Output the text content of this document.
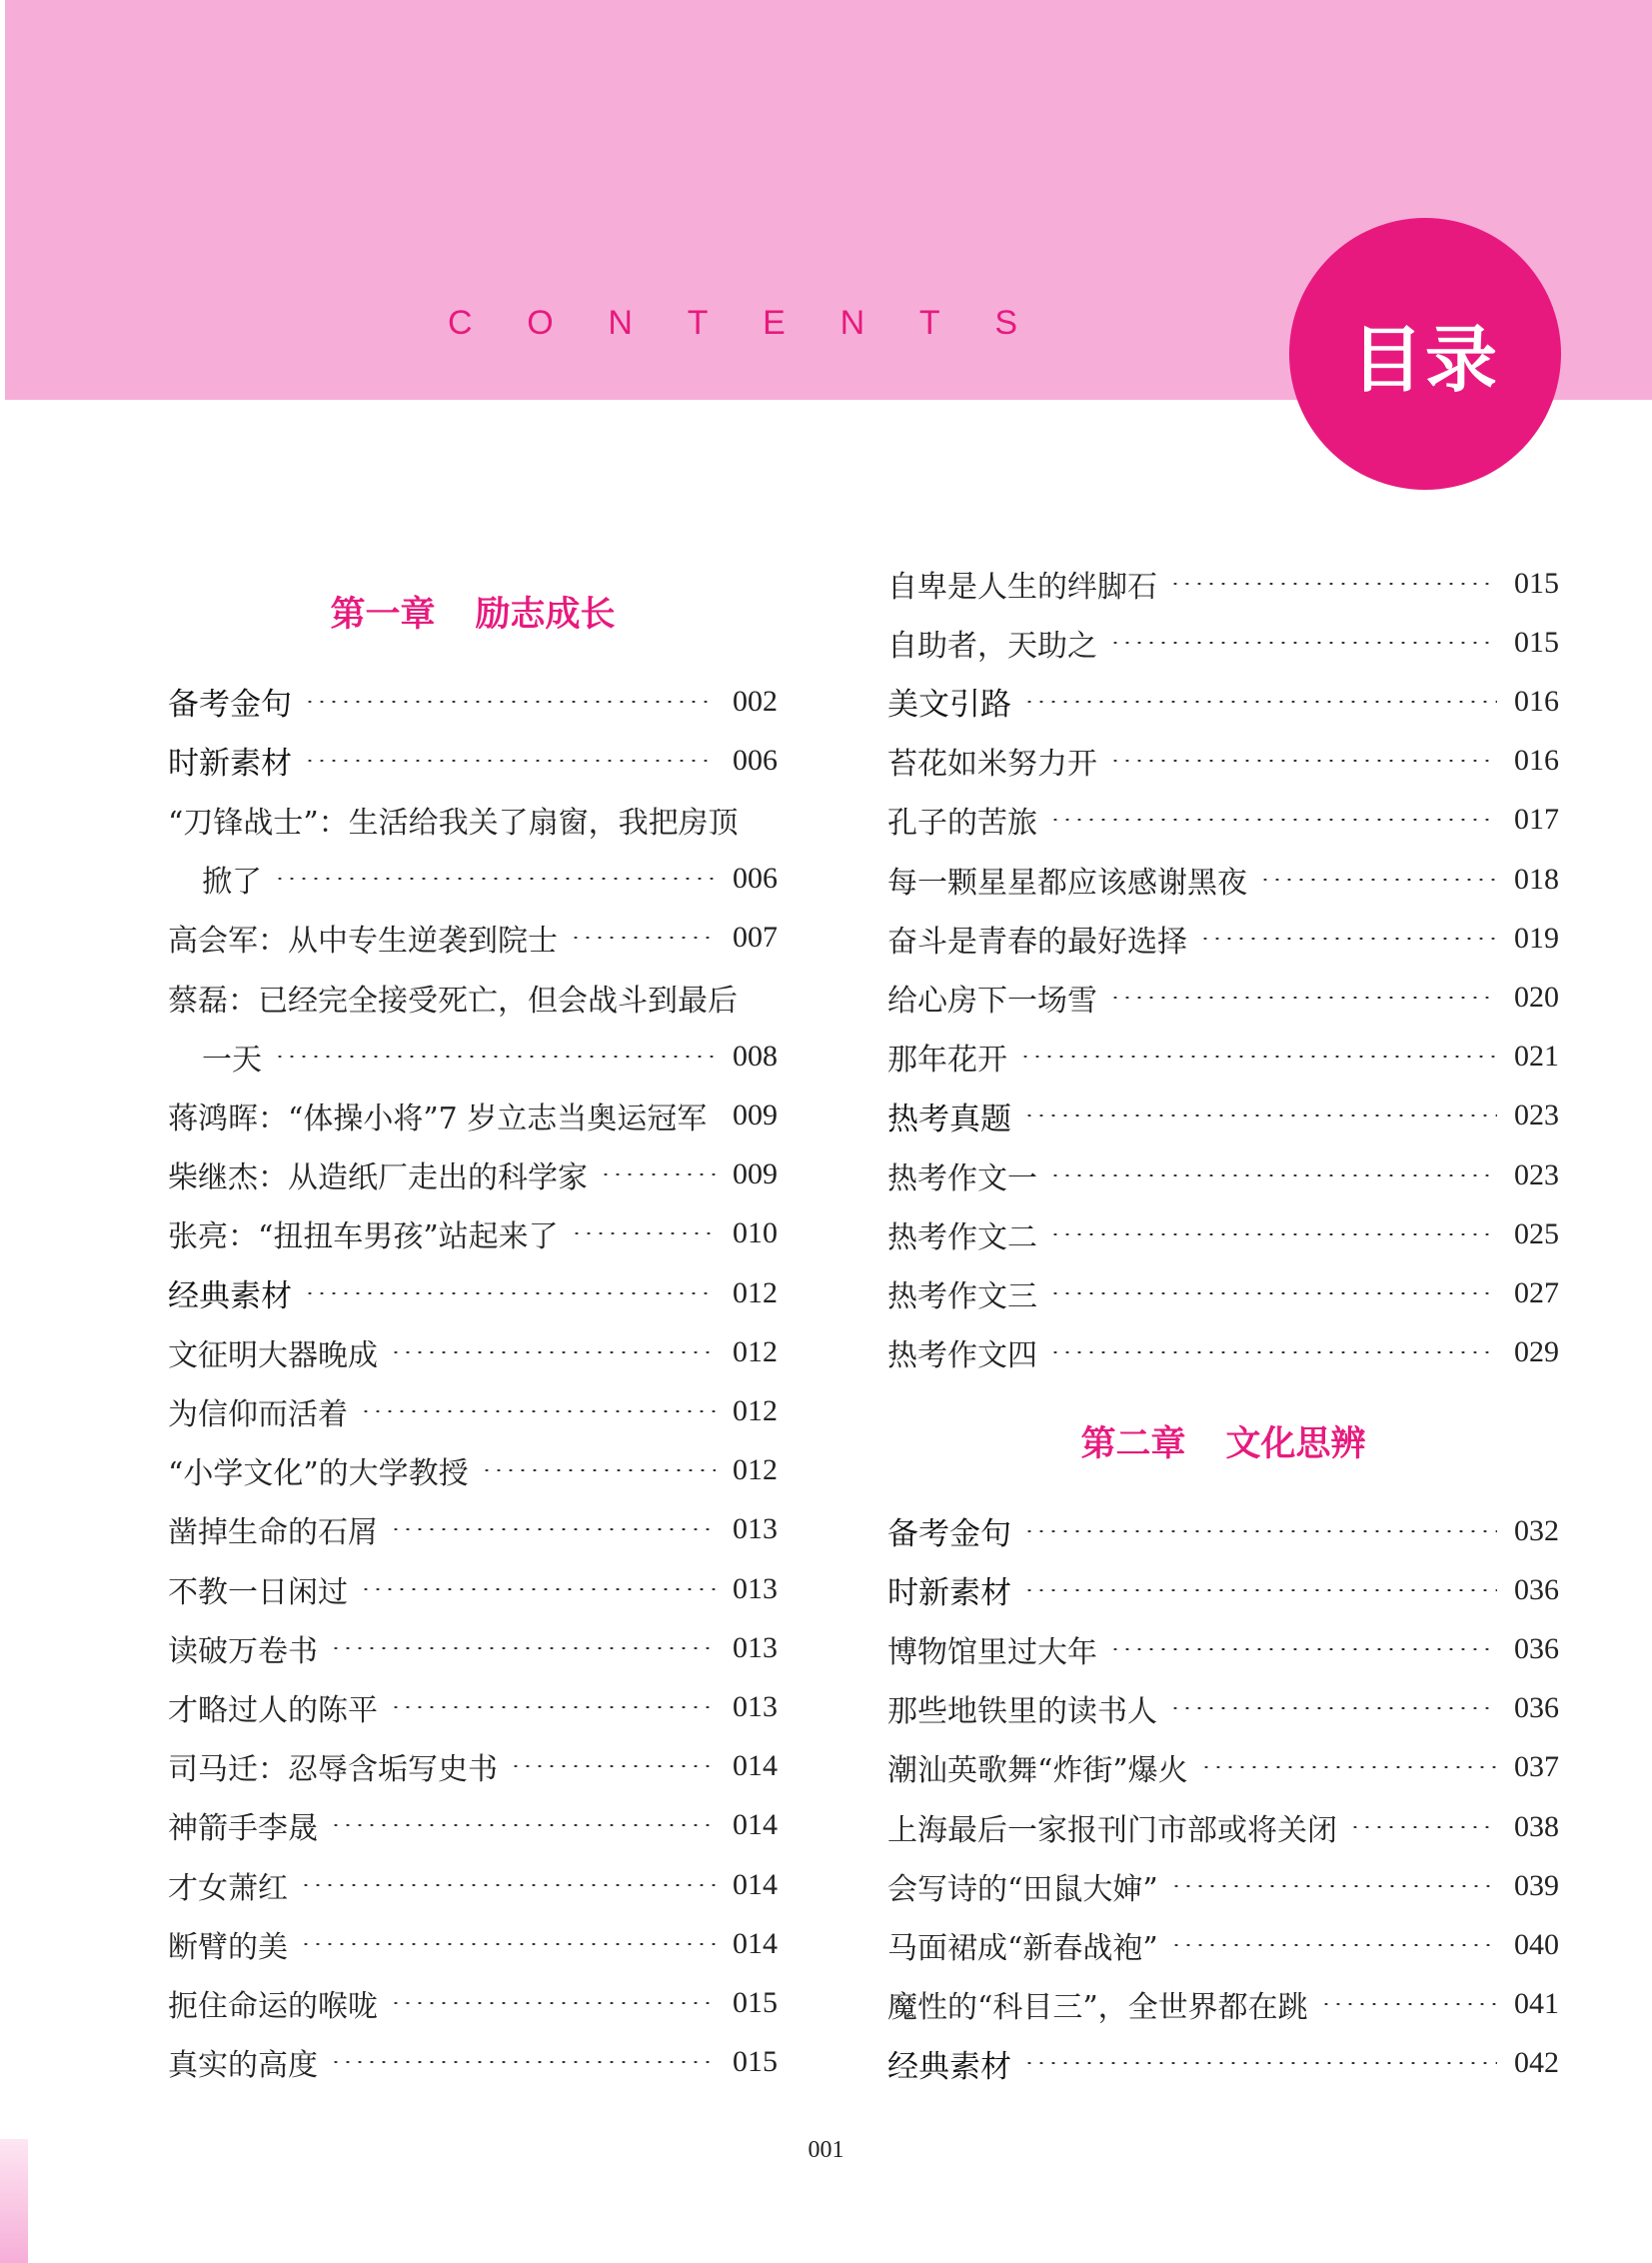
C O N T E N T S	目录
第一章 励志成长
备考金句	002
时新素材	006
“刀锋战士”：生活给我关了扇窗，我把房顶
掀了	006
高会军：从中专生逆袭到院士	007
蔡磊：已经完全接受死亡，但会战斗到最后
一天	008
蒋鸿晖：“体操小将”7 岁立志当奥运冠军 009
柴继杰：从造纸厂走出的科学家	009
张亮：“扭扭车男孩”站起来了	010
经典素材	012
文征明大器晚成	012
为信仰而活着	012
“小学文化”的大学教授	012
凿掉生命的石屑	013
不教一日闲过	013
读破万卷书	013
才略过人的陈平	013
司马迁：忍辱含垢写史书	014
神箭手李晟	014
才女萧红	014
断臂的美	014
扼住命运的喉咙	015
真实的高度	015
自卑是人生的绊脚石	015
自助者，天助之	015
美文引路	016
苔花如米努力开	016
孔子的苦旅	017
每一颗星星都应该感谢黑夜	018
奋斗是青春的最好选择	019
给心房下一场雪	020
那年花开	021
热考真题	023
热考作文一	023
热考作文二	025
热考作文三	027
热考作文四	029
第二章 文化思辨
备考金句	032
时新素材	036
博物馆里过大年	036
那些地铁里的读书人	036
潮汕英歌舞“炸街”爆火	037
上海最后一家报刊门市部或将关闭	038
会写诗的“田鼠大婶”	039
马面裙成“新春战袍”	040
魔性的“科目三”，全世界都在跳	041
经典素材	042
001
